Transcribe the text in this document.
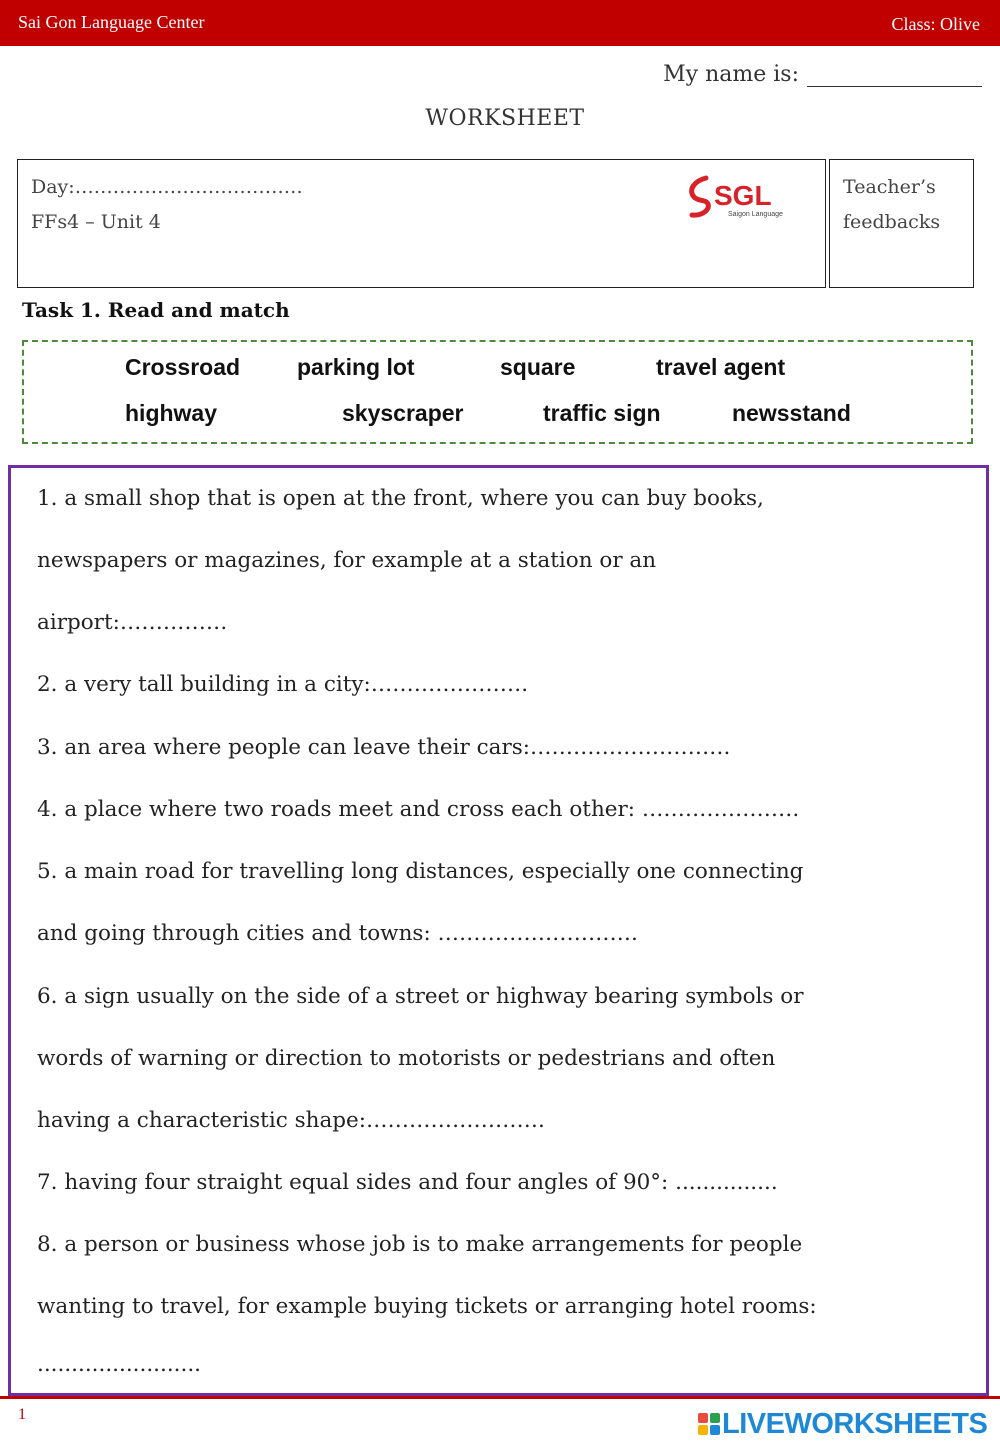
Sai Gon Language Center	Class: Olive
My name is:
WORKSHEET
Day:………………………………
FFs4 – Unit 4
SGL
Saigon Language
Teacher’s
feedbacks
Task 1. Read and match
Crossroad parking lot	square	travel agent
highway	skyscraper	traffic sign	newsstand
1. a small shop that is open at the front, where you can buy books,
newspapers or magazines, for example at a station or an
airport:……………
2. a very tall building in a city:………………….
3. an area where people can leave their cars:……………………….
4. a place where two roads meet and cross each other: ………………….
5. a main road for travelling long distances, especially one connecting
and going through cities and towns: ……………………….
6. a sign usually on the side of a street or highway bearing symbols or
words of warning or direction to motorists or pedestrians and often
having a characteristic shape:…………………….
7. having four straight equal sides and four angles of 90°: ...............
8. a person or business whose job is to make arrangements for people
wanting to travel, for example buying tickets or arranging hotel rooms:
........................
1	LIVEWORKSHEETS
